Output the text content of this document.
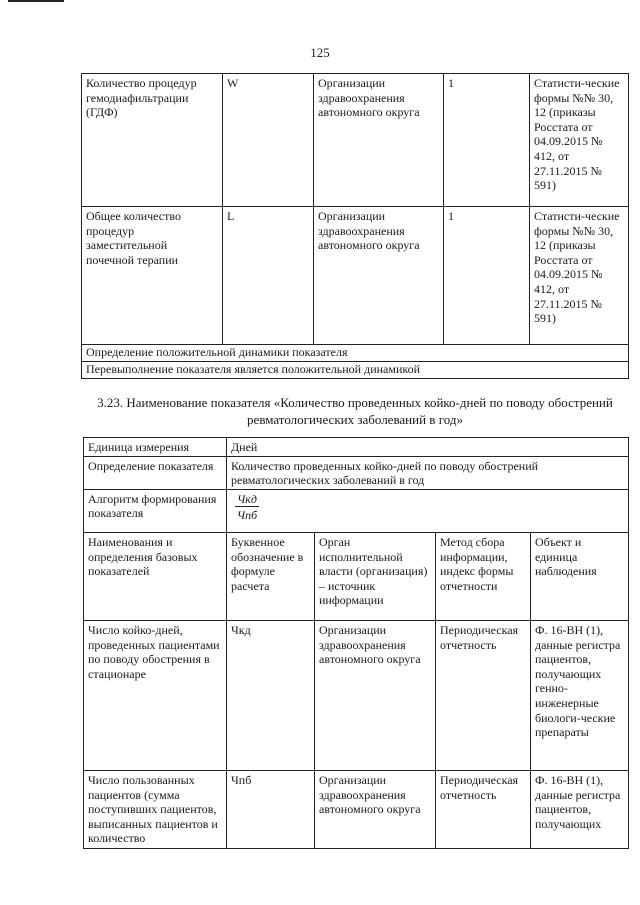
125
Количество процедур гемодиафильтрации (ГДФ)	W	Организации здравоохранения автономного округа	1	Статисти-ческие формы №№ 30, 12 (приказы Росстата от 04.09.2015 № 412, от 27.11.2015 № 591)
Общее количество процедур заместительной почечной терапии	L	Организации здравоохранения автономного округа	1	Статисти-ческие формы №№ 30, 12 (приказы Росстата от 04.09.2015 № 412, от 27.11.2015 № 591)
Определение положительной динамики показателя				
Перевыполнение показателя является положительной динамикой				
3.23. Наименование показателя «Количество проведенных койко-дней по поводу обострений ревматологических заболеваний в год»
Единица измерения	Дней			
Определение показателя	Количество проведенных койко-дней по поводу обострений ревматологических заболеваний в год			
Алгоритм формирования показателя	$\frac{\text{Чкд}}{\text{Чпб}}$

Наименования и определения базовых показателей	Буквенное обозначение в формуле расчета	Орган исполнительной власти (организация) – источник информации	Метод сбора информации, индекс формы отчетности	Объект и единица наблюдения
Число койко-дней, проведенных пациентами по поводу обострения в стационаре	Чкд	Организации здравоохранения автономного округа	Периодическая отчетность	Ф. 16-ВН (1), данные регистра пациентов, получающих генно-инженерные биологи-ческие препараты
Число пользованных пациентов (сумма поступивших пациентов, выписанных пациентов и количество	Чпб	Организации здравоохранения автономного округа	Периодическая отчетность	Ф. 16-ВН (1), данные регистра пациентов, получающих
